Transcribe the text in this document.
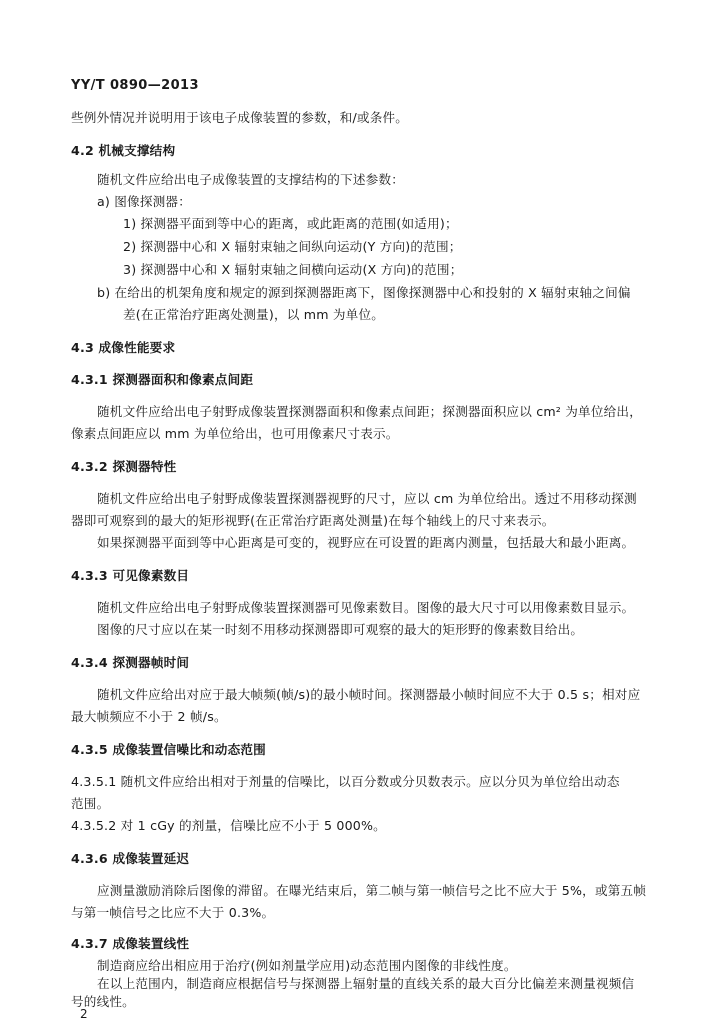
YY/T 0890—2013
些例外情况并说明用于该电子成像装置的参数，和/或条件。
4.2 机械支撑结构
随机文件应给出电子成像装置的支撑结构的下述参数：
a) 图像探测器：
1) 探测器平面到等中心的距离，或此距离的范围(如适用)；
2) 探测器中心和 X 辐射束轴之间纵向运动(Y 方向)的范围；
3) 探测器中心和 X 辐射束轴之间横向运动(X 方向)的范围；
b) 在给出的机架角度和规定的源到探测器距离下，图像探测器中心和投射的 X 辐射束轴之间偏
差(在正常治疗距离处测量)，以 mm 为单位。
4.3 成像性能要求
4.3.1 探测器面积和像素点间距
随机文件应给出电子射野成像装置探测器面积和像素点间距；探测器面积应以 cm² 为单位给出，
像素点间距应以 mm 为单位给出，也可用像素尺寸表示。
4.3.2 探测器特性
随机文件应给出电子射野成像装置探测器视野的尺寸，应以 cm 为单位给出。透过不用移动探测
器即可观察到的最大的矩形视野(在正常治疗距离处测量)在每个轴线上的尺寸来表示。
如果探测器平面到等中心距离是可变的，视野应在可设置的距离内测量，包括最大和最小距离。
4.3.3 可见像素数目
随机文件应给出电子射野成像装置探测器可见像素数目。图像的最大尺寸可以用像素数目显示。
图像的尺寸应以在某一时刻不用移动探测器即可观察的最大的矩形野的像素数目给出。
4.3.4 探测器帧时间
随机文件应给出对应于最大帧频(帧/s)的最小帧时间。探测器最小帧时间应不大于 0.5 s；相对应
最大帧频应不小于 2 帧/s。
4.3.5 成像装置信噪比和动态范围
4.3.5.1 随机文件应给出相对于剂量的信噪比，以百分数或分贝数表示。应以分贝为单位给出动态
范围。
4.3.5.2 对 1 cGy 的剂量，信噪比应不小于 5 000%。
4.3.6 成像装置延迟
应测量激励消除后图像的滞留。在曝光结束后，第二帧与第一帧信号之比不应大于 5%，或第五帧
与第一帧信号之比应不大于 0.3%。
4.3.7 成像装置线性
制造商应给出相应用于治疗(例如剂量学应用)动态范围内图像的非线性度。
在以上范围内，制造商应根据信号与探测器上辐射量的直线关系的最大百分比偏差来测量视频信
号的线性。
2
